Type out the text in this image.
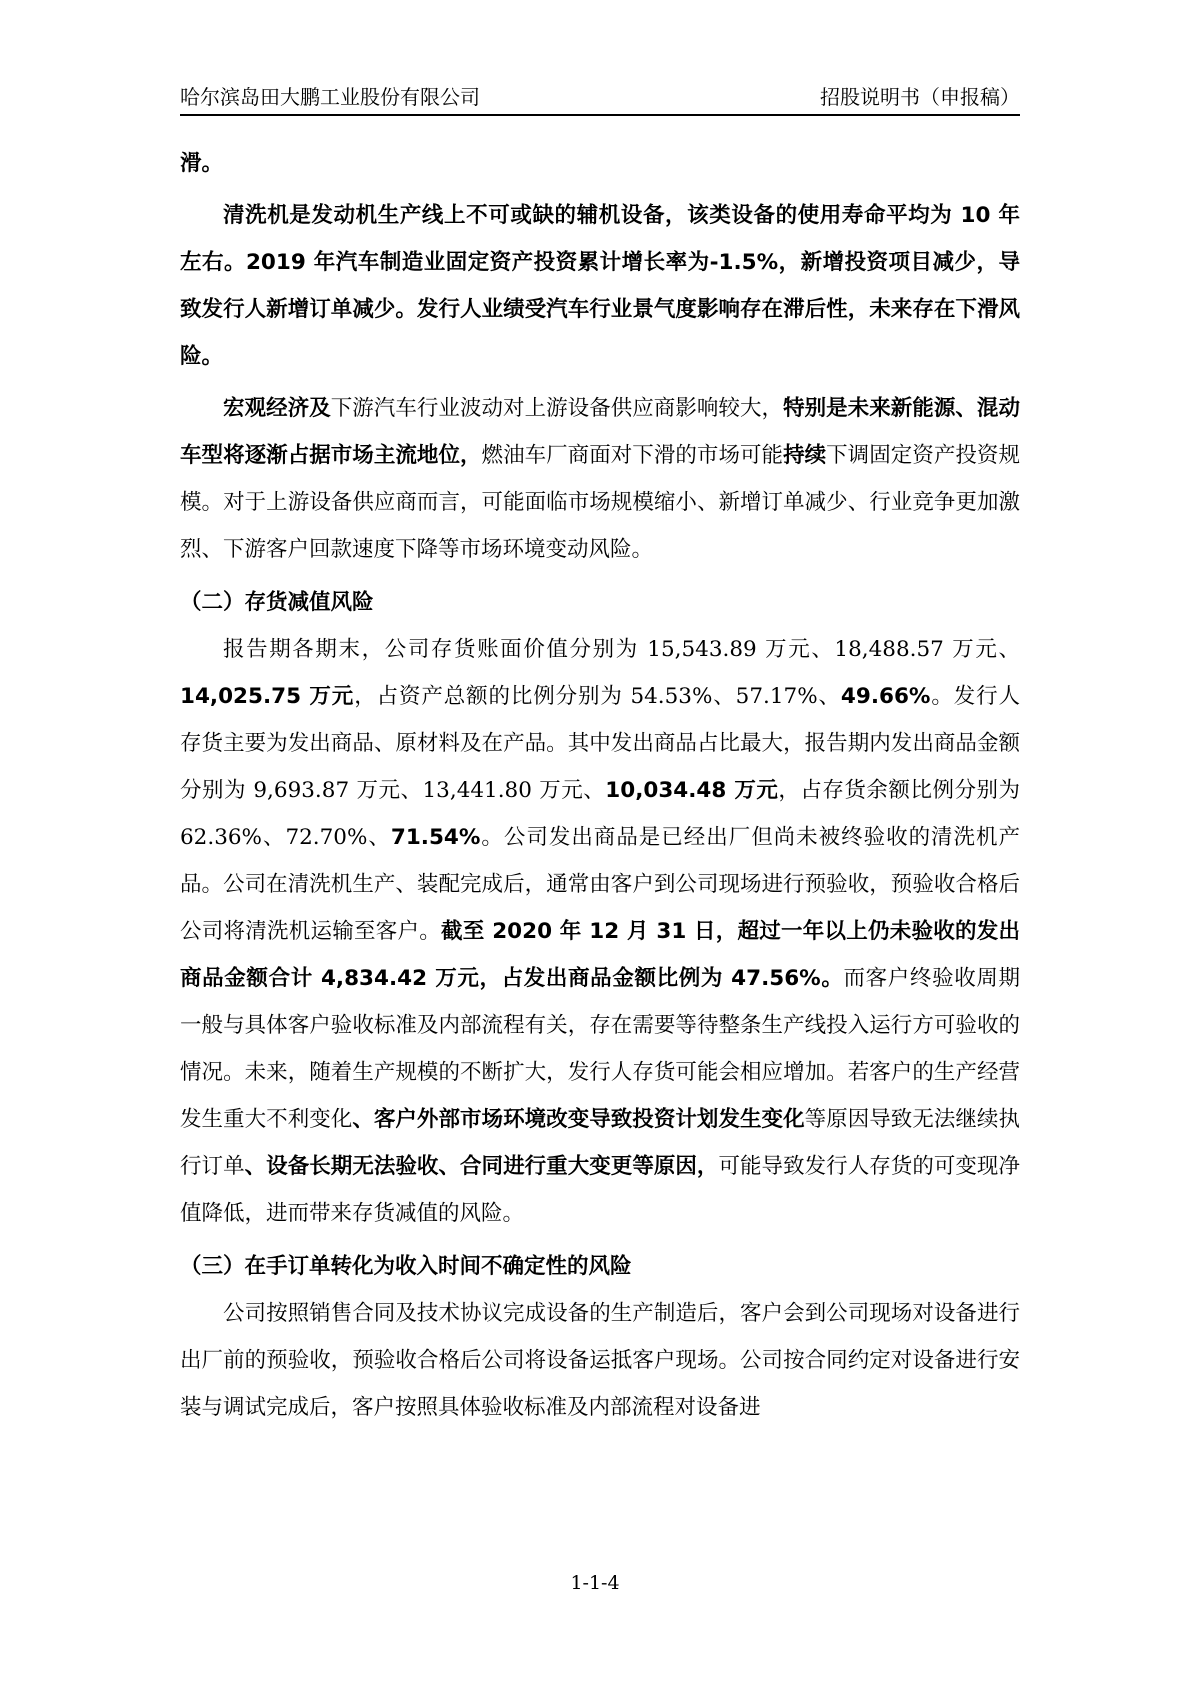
哈尔滨岛田大鹏工业股份有限公司	招股说明书（申报稿）

滑。

清洗机是发动机生产线上不可或缺的辅机设备，该类设备的使用寿命平均为 10 年左右。2019 年汽车制造业固定资产投资累计增长率为-1.5%，新增投资项目减少，导致发行人新增订单减少。发行人业绩受汽车行业景气度影响存在滞后性，未来存在下滑风险。

宏观经济及下游汽车行业波动对上游设备供应商影响较大，特别是未来新能源、混动车型将逐渐占据市场主流地位，燃油车厂商面对下滑的市场可能持续下调固定资产投资规模。对于上游设备供应商而言，可能面临市场规模缩小、新增订单减少、行业竞争更加激烈、下游客户回款速度下降等市场环境变动风险。

（二）存货减值风险

报告期各期末，公司存货账面价值分别为 15,543.89 万元、18,488.57 万元、14,025.75 万元，占资产总额的比例分别为 54.53%、57.17%、49.66%。发行人存货主要为发出商品、原材料及在产品。其中发出商品占比最大，报告期内发出商品金额分别为 9,693.87 万元、13,441.80 万元、10,034.48 万元，占存货余额比例分别为 62.36%、72.70%、71.54%。公司发出商品是已经出厂但尚未被终验收的清洗机产品。公司在清洗机生产、装配完成后，通常由客户到公司现场进行预验收，预验收合格后公司将清洗机运输至客户。截至 2020 年 12 月 31 日，超过一年以上仍未验收的发出商品金额合计 4,834.42 万元，占发出商品金额比例为 47.56%。而客户终验收周期一般与具体客户验收标准及内部流程有关，存在需要等待整条生产线投入运行方可验收的情况。未来，随着生产规模的不断扩大，发行人存货可能会相应增加。若客户的生产经营发生重大不利变化、客户外部市场环境改变导致投资计划发生变化等原因导致无法继续执行订单、设备长期无法验收、合同进行重大变更等原因，可能导致发行人存货的可变现净值降低，进而带来存货减值的风险。

（三）在手订单转化为收入时间不确定性的风险

公司按照销售合同及技术协议完成设备的生产制造后，客户会到公司现场对设备进行出厂前的预验收，预验收合格后公司将设备运抵客户现场。公司按合同约定对设备进行安装与调试完成后，客户按照具体验收标准及内部流程对设备进

1-1-4
